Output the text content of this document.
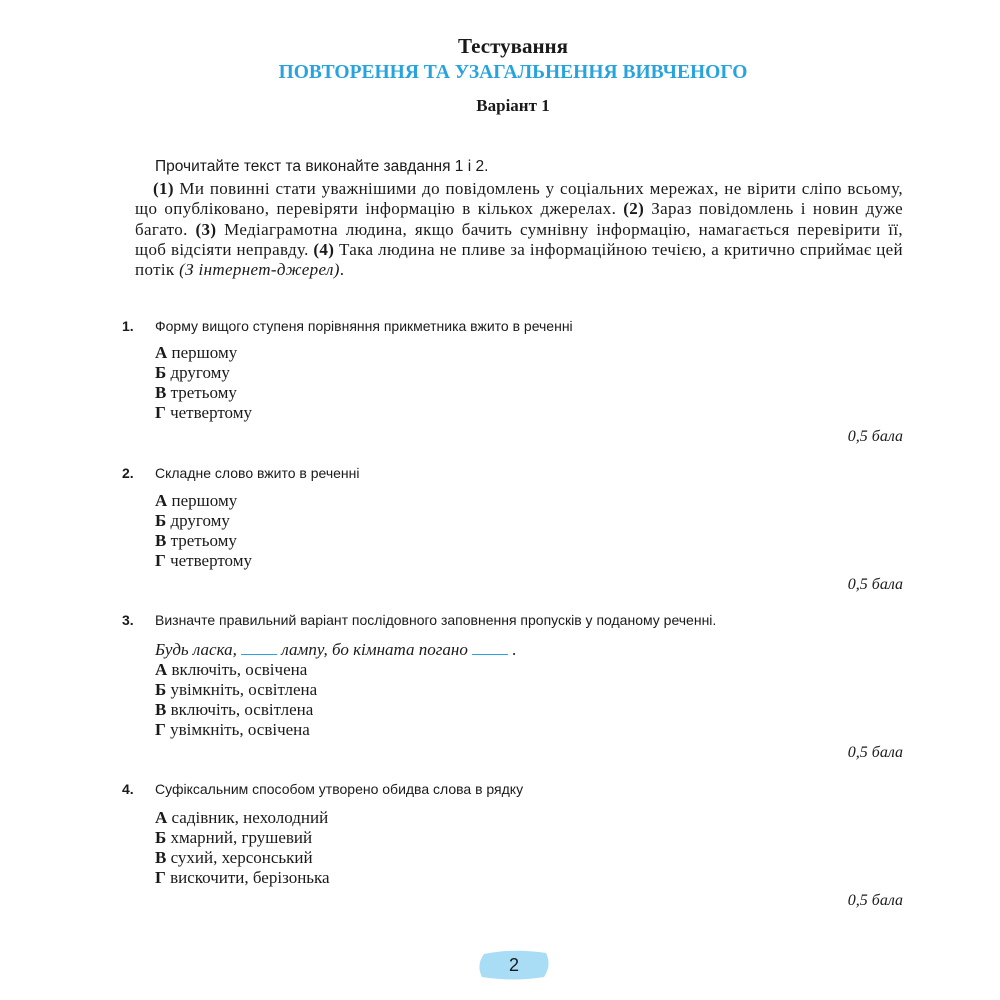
Тестування
ПОВТОРЕННЯ ТА УЗАГАЛЬНЕННЯ ВИВЧЕНОГО
Варіант 1
Прочитайте текст та виконайте завдання 1 і 2.
(1) Ми повинні стати уважнішими до повідомлень у соціальних мережах, не вірити сліпо всьому, що опубліковано, перевіряти інформацію в кількох джерелах. (2) Зараз повідомлень і новин дуже багато. (3) Медіаграмотна людина, якщо бачить сумнівну інформацію, намагається перевірити її, щоб відсіяти неправду. (4) Така людина не пливе за інформаційною течією, а критично сприймає цей потік (З інтернет-джерел).
1. Форму вищого ступеня порівняння прикметника вжито в реченні
А першому
Б другому
В третьому
Г четвертому
0,5 бала
2. Складне слово вжито в реченні
А першому
Б другому
В третьому
Г четвертому
0,5 бала
3. Визначте правильний варіант послідовного заповнення пропусків у поданому реченні.
Будь ласка,  лампу, бо кімната погано  .
А включіть, освічена
Б увімкніть, освітлена
В включіть, освітлена
Г увімкніть, освічена
0,5 бала
4. Суфіксальним способом утворено обидва слова в рядку
А садівник, нехолодний
Б хмарний, грушевий
В сухий, херсонський
Г вискочити, берізонька
0,5 бала
2
